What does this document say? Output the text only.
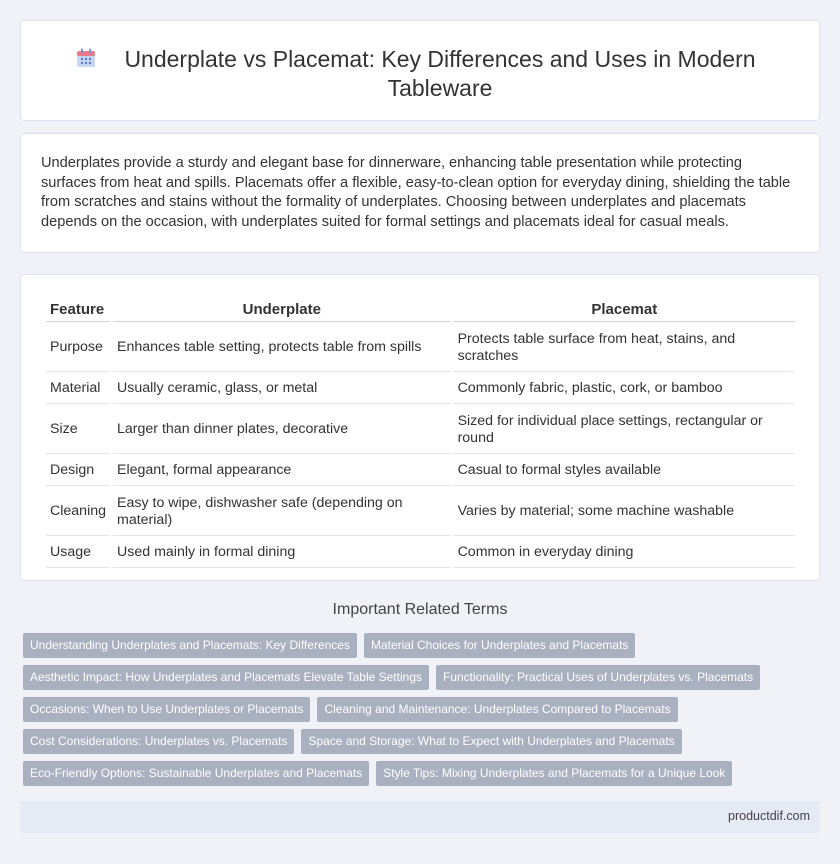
Underplate vs Placemat: Key Differences and Uses in Modern Tableware

Underplates provide a sturdy and elegant base for dinnerware, enhancing table presentation while protecting surfaces from heat and spills. Placemats offer a flexible, easy-to-clean option for everyday dining, shielding the table from scratches and stains without the formality of underplates. Choosing between underplates and placemats depends on the occasion, with underplates suited for formal settings and placemats ideal for casual meals.

Feature	Underplate	Placemat
Purpose	Enhances table setting, protects table from spills	Protects table surface from heat, stains, and scratches
Material	Usually ceramic, glass, or metal	Commonly fabric, plastic, cork, or bamboo
Size	Larger than dinner plates, decorative	Sized for individual place settings, rectangular or round
Design	Elegant, formal appearance	Casual to formal styles available
Cleaning	Easy to wipe, dishwasher safe (depending on material)	Varies by material; some machine washable
Usage	Used mainly in formal dining	Common in everyday dining
Important Related Terms
Understanding Underplates and Placemats: Key Differences	Material Choices for Underplates and Placemats
Aesthetic Impact: How Underplates and Placemats Elevate Table Settings	Functionality: Practical Uses of Underplates vs. Placemats
Occasions: When to Use Underplates or Placemats	Cleaning and Maintenance: Underplates Compared to Placemats
Cost Considerations: Underplates vs. Placemats	Space and Storage: What to Expect with Underplates and Placemats
Eco-Friendly Options: Sustainable Underplates and Placemats	Style Tips: Mixing Underplates and Placemats for a Unique Look
productdif.com
